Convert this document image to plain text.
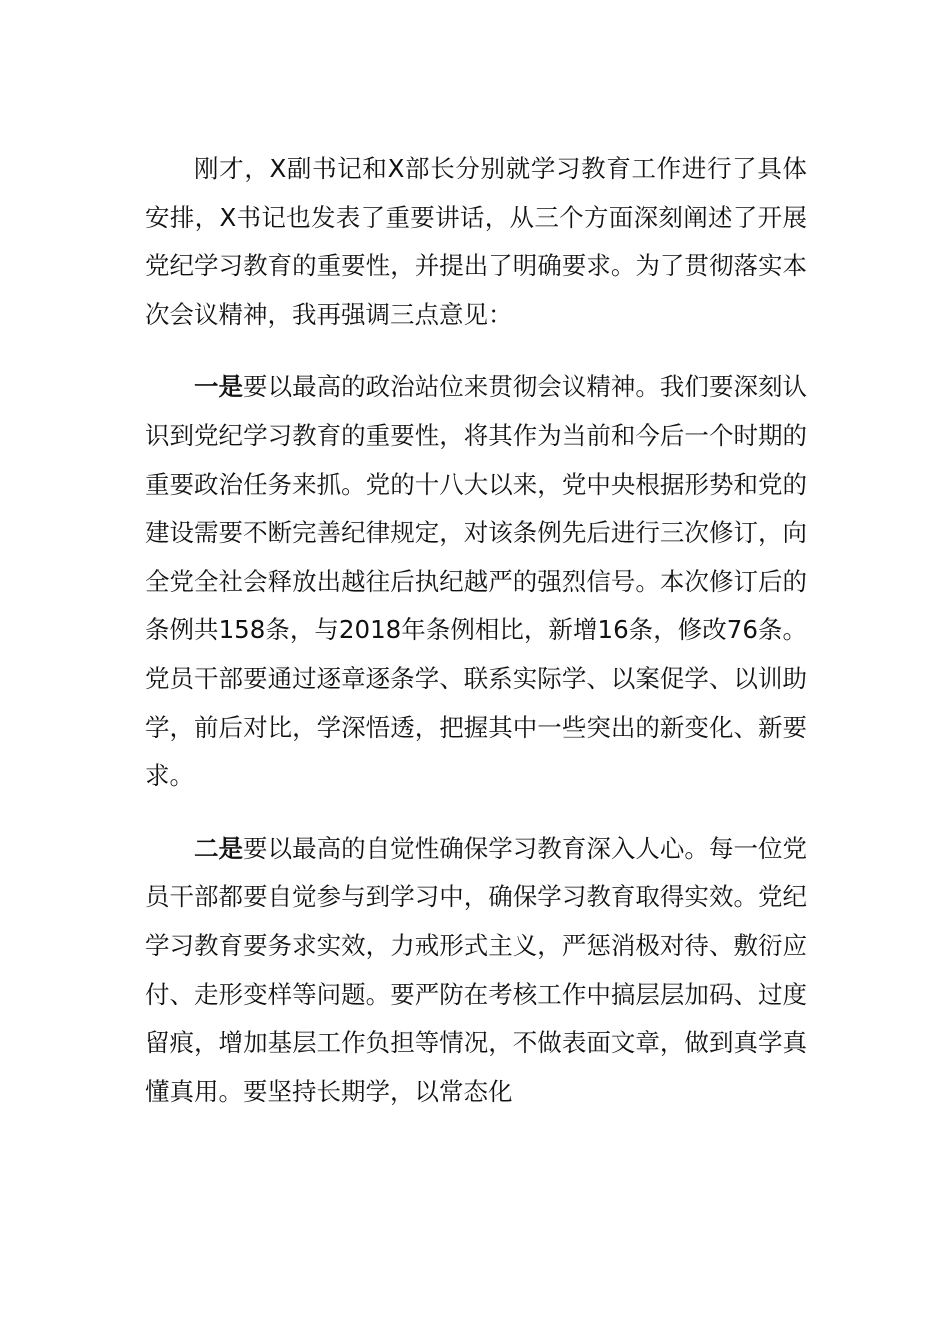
刚才，X副书记和X部长分别就学习教育工作进行了具体安排，X书记也发表了重要讲话，从三个方面深刻阐述了开展党纪学习教育的重要性，并提出了明确要求。为了贯彻落实本次会议精神，我再强调三点意见：

一是要以最高的政治站位来贯彻会议精神。我们要深刻认识到党纪学习教育的重要性，将其作为当前和今后一个时期的重要政治任务来抓。党的十八大以来，党中央根据形势和党的建设需要不断完善纪律规定，对该条例先后进行三次修订，向全党全社会释放出越往后执纪越严的强烈信号。本次修订后的条例共158条，与2018年条例相比，新增16条，修改76条。党员干部要通过逐章逐条学、联系实际学、以案促学、以训助学，前后对比，学深悟透，把握其中一些突出的新变化、新要求。

二是要以最高的自觉性确保学习教育深入人心。每一位党员干部都要自觉参与到学习中，确保学习教育取得实效。党纪学习教育要务求实效，力戒形式主义，严惩消极对待、敷衍应付、走形变样等问题。要严防在考核工作中搞层层加码、过度留痕，增加基层工作负担等情况，不做表面文章，做到真学真懂真用。要坚持长期学，以常态化
